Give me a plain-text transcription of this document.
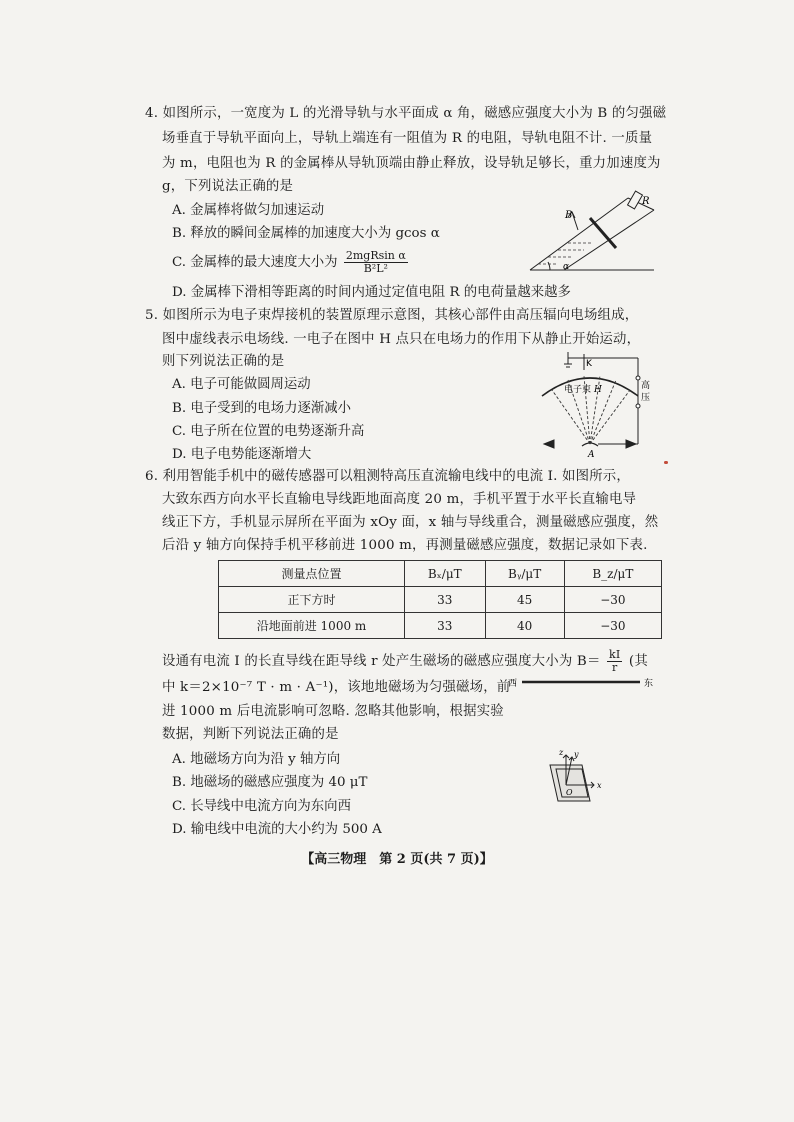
4. 如图所示，一宽度为 L 的光滑导轨与水平面成 α 角，磁感应强度大小为 B 的匀强磁
场垂直于导轨平面向上，导轨上端连有一阻值为 R 的电阻，导轨电阻不计. 一质量
为 m，电阻也为 R 的金属棒从导轨顶端由静止释放，设导轨足够长，重力加速度为
g，下列说法正确的是
A. 金属棒将做匀加速运动
B. 释放的瞬间金属棒的加速度大小为 gcos α
C. 金属棒的最大速度大小为 $\frac{\text{2mgRsin α}}{\text{B²L²}}$
D. 金属棒下滑相等距离的时间内通过定值电阻 R 的电荷量越来越多
R
B
α
5. 如图所示为电子束焊接机的装置原理示意图，其核心部件由高压辐向电场组成，
图中虚线表示电场线. 一电子在图中 H 点只在电场力的作用下从静止开始运动，
则下列说法正确的是
A. 电子可能做圆周运动
B. 电子受到的电场力逐渐减小
C. 电子所在位置的电势逐渐升高
D. 电子电势能逐渐增大
K
电子束 H
A
高
压
6. 利用智能手机中的磁传感器可以粗测特高压直流输电线中的电流 I. 如图所示，
大致东西方向水平长直输电导线距地面高度 20 m，手机平置于水平长直输电导
线正下方，手机显示屏所在平面为 xOy 面，x 轴与导线重合，测量磁感应强度，然
后沿 y 轴方向保持手机平移前进 1000 m，再测量磁感应强度，数据记录如下表.
测量点位置	Bₓ/μT	Bᵧ/μT	B_z/μT
正下方时	33	45	−30
沿地面前进 1000 m	33	40	−30
设通有电流 I 的长直导线在距导线 r 处产生磁场的磁感应强度大小为 $B= \frac{kI}{r}$ (其
中 k＝2×10⁻⁷ T · m · A⁻¹)，该地地磁场为匀强磁场，前
进 1000 m 后电流影响可忽略. 忽略其他影响，根据实验
数据，判断下列说法正确的是
A. 地磁场方向为沿 y 轴方向
B. 地磁场的磁感应强度为 40 μT
C. 长导线中电流方向为东向西
D. 输电线中电流的大小约为 500 A
西	东
x
y
z
O
【高三物理　第 2 页(共 7 页)】
